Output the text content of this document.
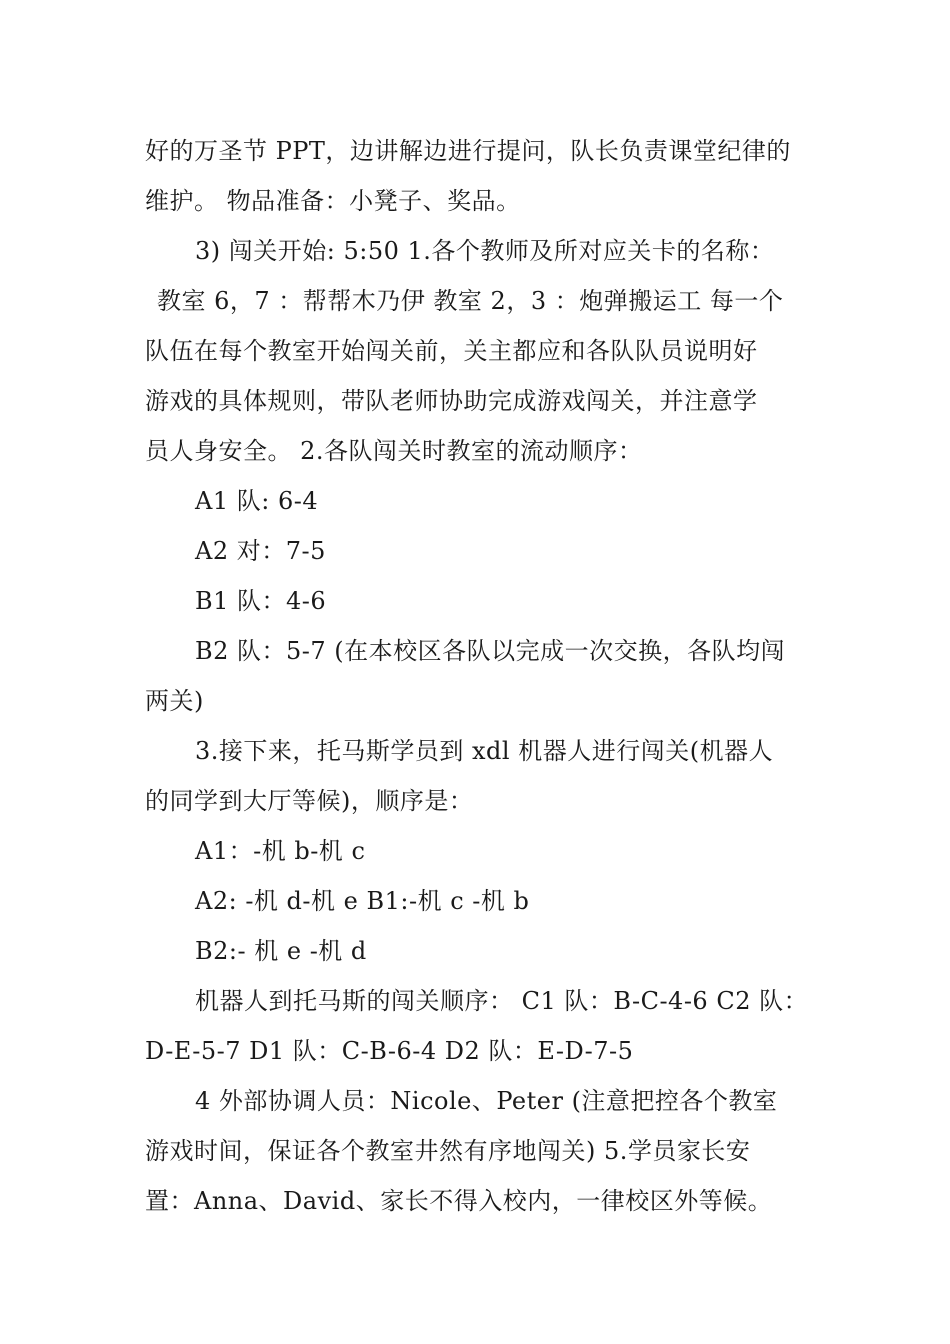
好的万圣节 PPT，边讲解边进行提问，队长负责课堂纪律的
维护。 物品准备：小凳子、奖品。
3) 闯关开始: 5:50 1.各个教师及所对应关卡的名称：
教室 6，7 ：帮帮木乃伊 教室 2，3 ：炮弹搬运工 每一个
队伍在每个教室开始闯关前，关主都应和各队队员说明好
游戏的具体规则，带队老师协助完成游戏闯关，并注意学
员人身安全。 2.各队闯关时教室的流动顺序：
A1 队: 6-4
A2 对：7-5
B1 队：4-6
B2 队：5-7 (在本校区各队以完成一次交换，各队均闯
两关)
3.接下来，托马斯学员到 xdl 机器人进行闯关(机器人
的同学到大厅等候)，顺序是：
A1：-机 b-机 c
A2: -机 d-机 e B1:-机 c -机 b
B2:- 机 e -机 d
机器人到托马斯的闯关顺序： C1 队：B-C-4-6 C2 队：
D-E-5-7 D1 队：C-B-6-4 D2 队：E-D-7-5
4 外部协调人员：Nicole、Peter (注意把控各个教室
游戏时间，保证各个教室井然有序地闯关) 5.学员家长安
置：Anna、David、家长不得入校内，一律校区外等候。
